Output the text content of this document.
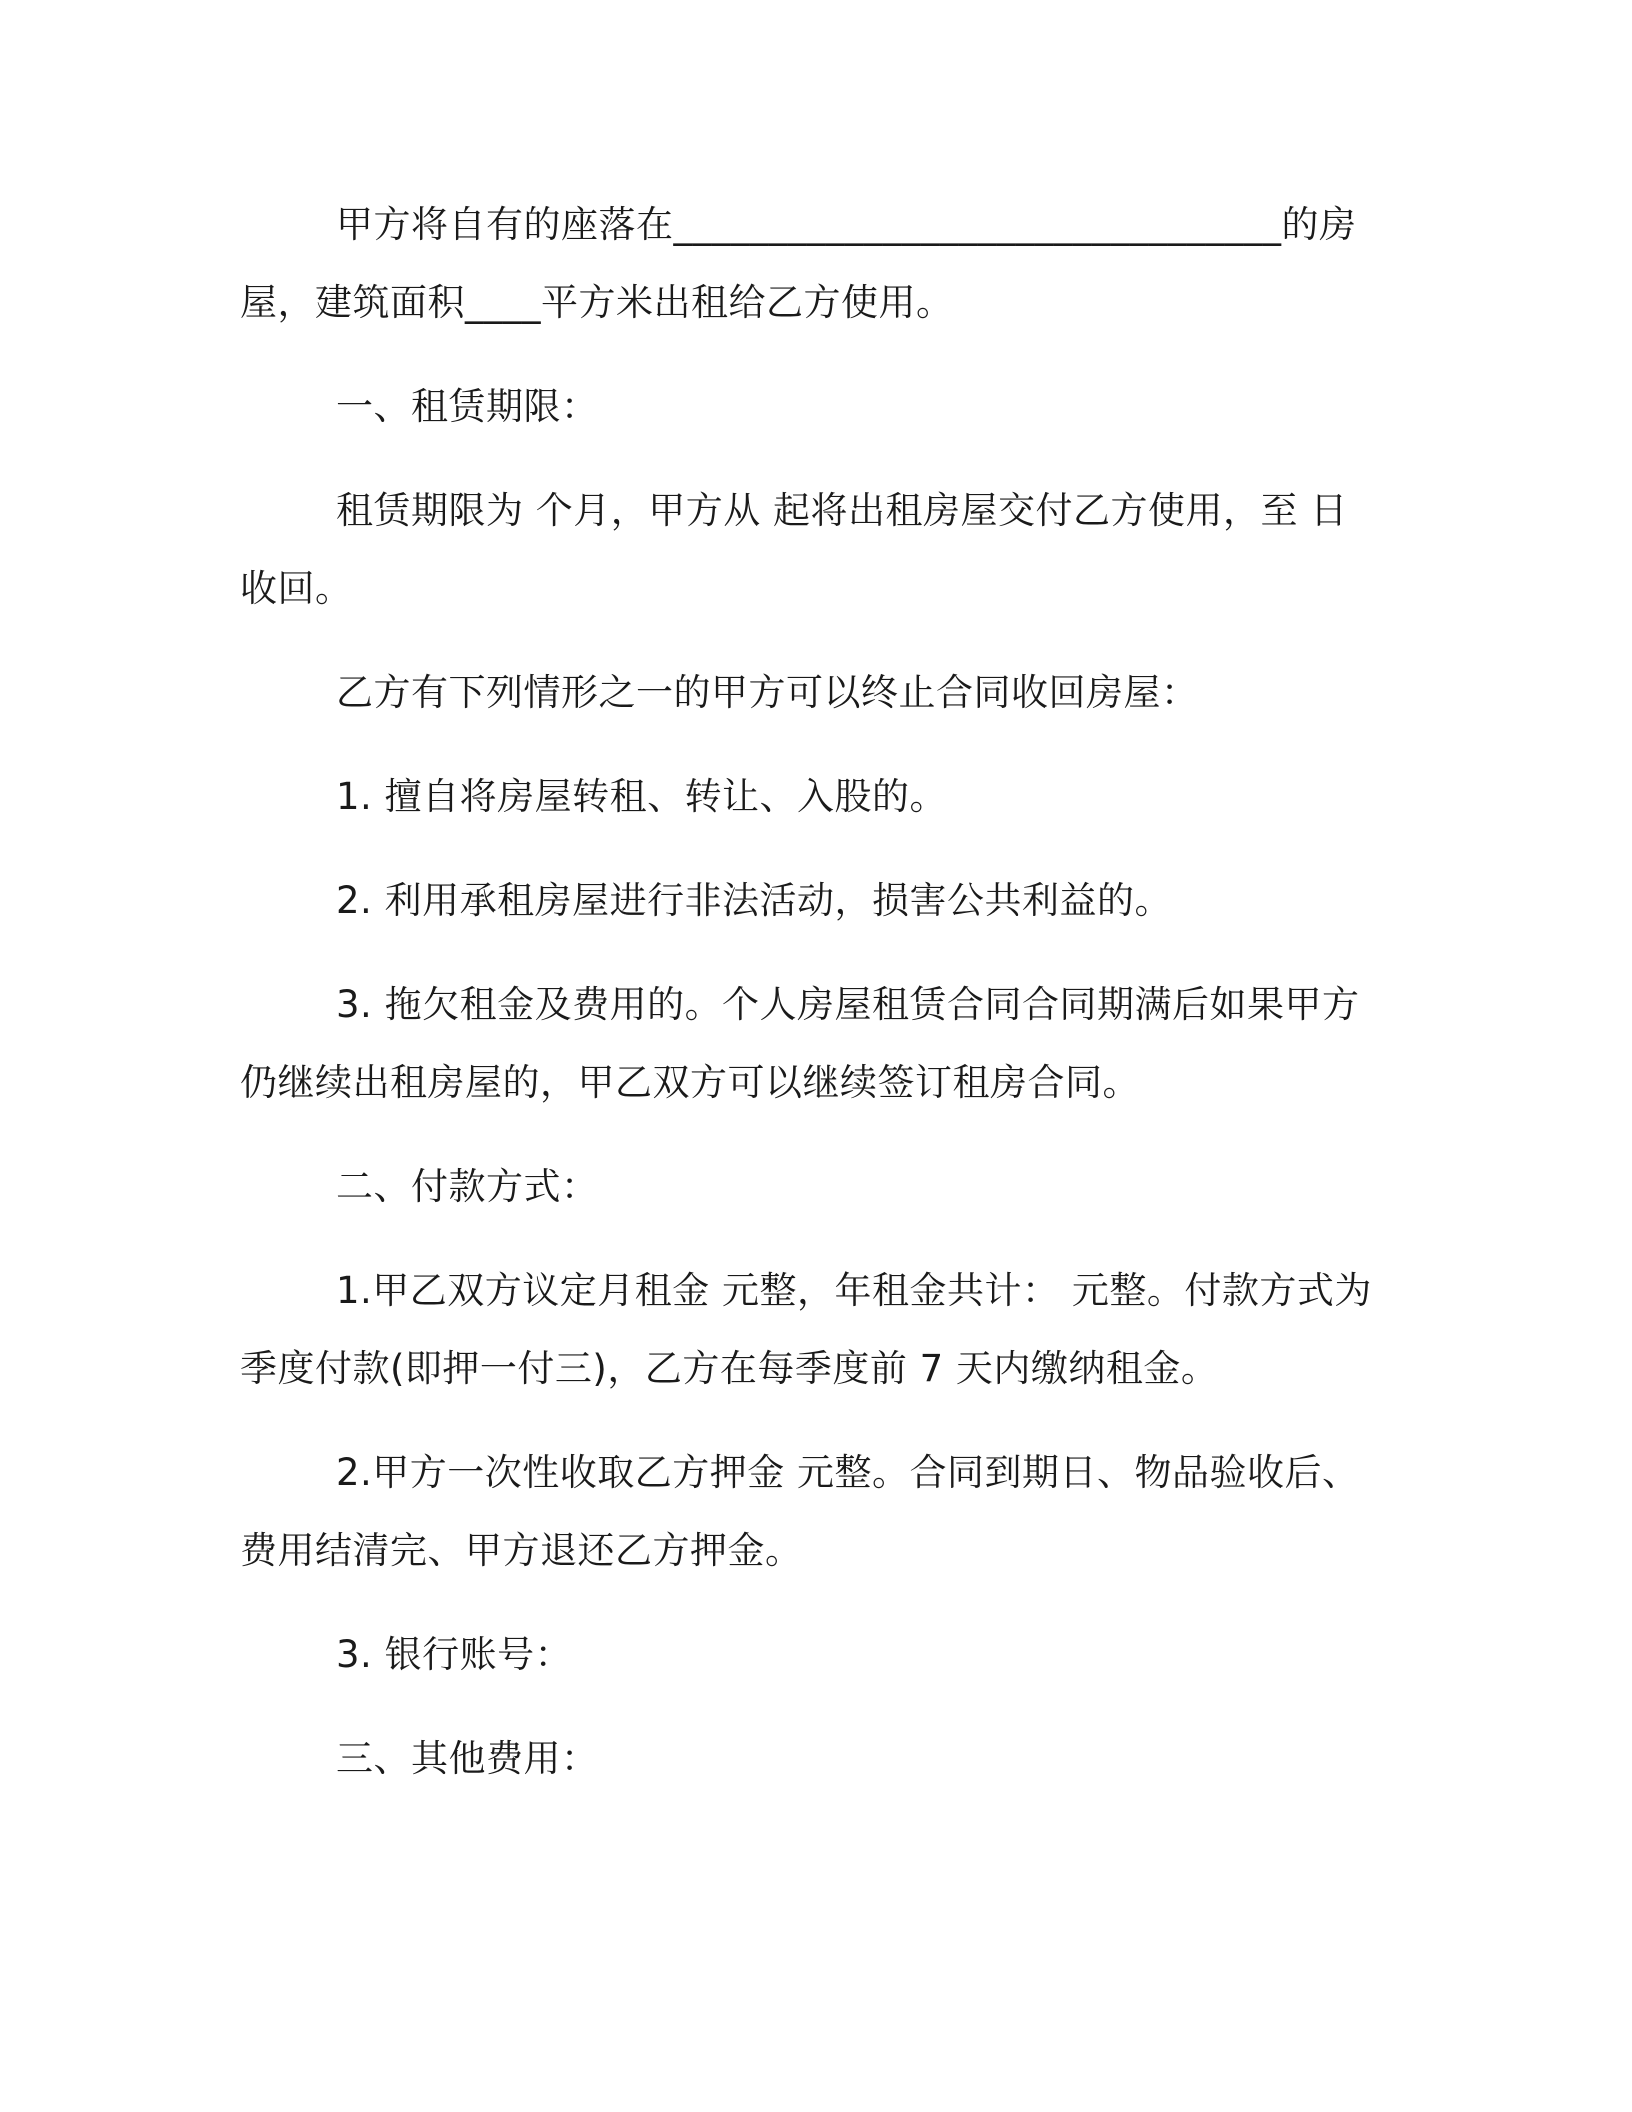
甲方将自有的座落在________________________________的房屋，建筑面积____平方米出租给乙方使用。

一、租赁期限：

租赁期限为 个月，甲方从 起将出租房屋交付乙方使用，至 日收回。

乙方有下列情形之一的甲方可以终止合同收回房屋：

1. 擅自将房屋转租、转让、入股的。

2. 利用承租房屋进行非法活动，损害公共利益的。

3. 拖欠租金及费用的。个人房屋租赁合同合同期满后如果甲方仍继续出租房屋的，甲乙双方可以继续签订租房合同。

二、付款方式：

1.甲乙双方议定月租金 元整，年租金共计： 元整。付款方式为季度付款(即押一付三)，乙方在每季度前 7 天内缴纳租金。

2.甲方一次性收取乙方押金 元整。合同到期日、物品验收后、费用结清完、甲方退还乙方押金。

3. 银行账号：

三、其他费用：
